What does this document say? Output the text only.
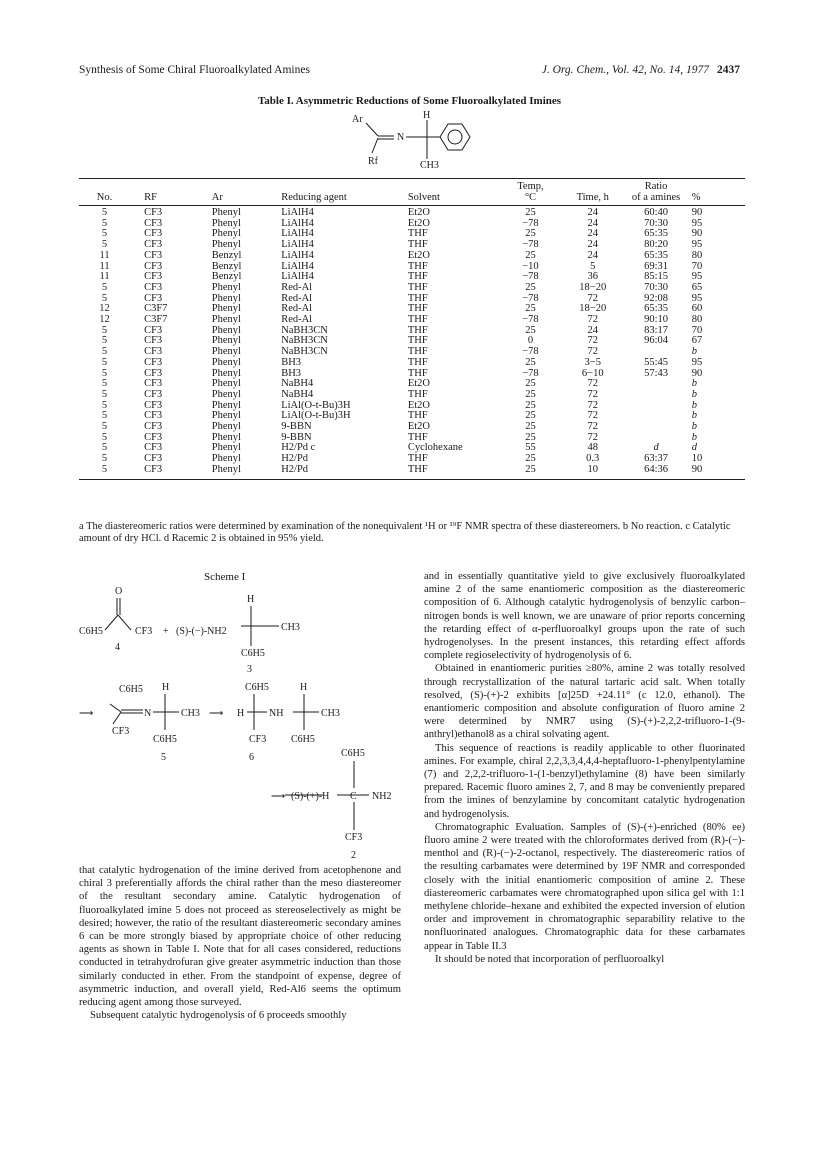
Synthesis of Some Chiral Fluoroalkylated Amines	J. Org. Chem., Vol. 42, No. 14, 1977 2437
Table I. Asymmetric Reductions of Some Fluoroalkylated Imines
Ar	H
N
Rf	CH3
					Temp,		Ratio	
No.	RF	Ar	Reducing agent	Solvent	°C	Time, h	of a amines	%
5	CF3	Phenyl	LiAlH4	Et2O	25	24	60:40	90
5	CF3	Phenyl	LiAlH4	Et2O	−78	24	70:30	95
5	CF3	Phenyl	LiAlH4	THF	25	24	65:35	90
5	CF3	Phenyl	LiAlH4	THF	−78	24	80:20	95
11	CF3	Benzyl	LiAlH4	Et2O	25	24	65:35	80
11	CF3	Benzyl	LiAlH4	THF	−10	5	69:31	70
11	CF3	Benzyl	LiAlH4	THF	−78	36	85:15	95
5	CF3	Phenyl	Red-Al	THF	25	18−20	70:30	65
5	CF3	Phenyl	Red-Al	THF	−78	72	92:08	95
12	C3F7	Phenyl	Red-Al	THF	25	18−20	65:35	60
12	C3F7	Phenyl	Red-Al	THF	−78	72	90:10	80
5	CF3	Phenyl	NaBH3CN	THF	25	24	83:17	70
5	CF3	Phenyl	NaBH3CN	THF	0	72	96:04	67
5	CF3	Phenyl	NaBH3CN	THF	−78	72		b
5	CF3	Phenyl	BH3	THF	25	3−5	55:45	95
5	CF3	Phenyl	BH3	THF	−78	6−10	57:43	90
5	CF3	Phenyl	NaBH4	Et2O	25	72		b
5	CF3	Phenyl	NaBH4	THF	25	72		b
5	CF3	Phenyl	LiAl(O-t-Bu)3H	Et2O	25	72		b
5	CF3	Phenyl	LiAl(O-t-Bu)3H	THF	25	72		b
5	CF3	Phenyl	9-BBN	Et2O	25	72		b
5	CF3	Phenyl	9-BBN	THF	25	72		b
5	CF3	Phenyl	H2/Pd c	Cyclohexane	55	48	d	d
5	CF3	Phenyl	H2/Pd	THF	25	0.3	63:37	10
5	CF3	Phenyl	H2/Pd	THF	25	10	64:36	90
a The diastereomeric ratios were determined by examination of the nonequivalent ¹H or ¹⁹F NMR spectra of these diastereomers. b No reaction. c Catalytic amount of dry HCl. d Racemic 2 is obtained in 95% yield.
Scheme I
O
C6H5	CF3
4
+ (S)-(−)-NH2
H
CH3
C6H5
3
⟶
C6H5
CF3
N
H
CH3
C6H5
5
⟶ H
C6H5
CF3
NH
H
CH3
C6H5
6
⟶ (S)-(+)-H
C6H5
C NH2
CF3
2

that catalytic hydrogenation of the imine derived from acetophenone and chiral 3 preferentially affords the chiral rather than the meso diastereomer of the resultant secondary amine. Catalytic hydrogenation of fluoroalkylated imine 5 does not proceed as stereoselectively as might be desired; however, the ratio of the resultant diastereomeric secondary amines 6 can be more strongly biased by appropriate choice of other reducing agents as shown in Table I. Note that for all cases considered, reductions conducted in tetrahydrofuran give greater asymmetric induction than those similarly conducted in ether. From the standpoint of expense, degree of asymmetric induction, and overall yield, Red-Al6 seems the optimum reducing agent among those surveyed.

Subsequent catalytic hydrogenolysis of 6 proceeds smoothly

and in essentially quantitative yield to give exclusively fluoroalkylated amine 2 of the same enantiomeric composition as the diastereomeric composition of 6. Although catalytic hydrogenolysis of benzylic carbon–nitrogen bonds is well known, we are unaware of prior reports concerning the retarding effect of α-perfluoroalkyl groups upon the rate of such hydrogenolyses. In the present instances, this retarding effect affords complete regioselectivity of hydrogenolysis of 6.

Obtained in enantiomeric purities ≥80%, amine 2 was totally resolved through recrystallization of the natural tartaric acid salt. When totally resolved, (S)-(+)-2 exhibits [α]25D +24.11° (c 12.0, ethanol). The enantiomeric composition and absolute configuration of fluoro amine 2 were determined by NMR7 using (S)-(+)-2,2,2-trifluoro-1-(9-anthryl)ethanol8 as a chiral solvating agent.

This sequence of reactions is readily applicable to other fluorinated amines. For example, chiral 2,2,3,3,4,4,4-heptafluoro-1-phenylpentylamine (7) and 2,2,2-trifluoro-1-(1-benzyl)ethylamine (8) have been similarly prepared. Racemic fluoro amines 2, 7, and 8 may be conveniently prepared from the imines of benzylamine by concomitant catalytic hydrogenation and hydrogenolysis.

Chromatographic Evaluation. Samples of (S)-(+)-enriched (80% ee) fluoro amine 2 were treated with the chloroformates derived from (R)-(−)-menthol and (R)-(−)-2-octanol, respectively. The diastereomeric ratios of the resulting carbamates were determined by 19F NMR and corresponded closely with the initial enantiomeric composition of amine 2. These diastereomeric carbamates were chromatographed upon silica gel with 1:1 methylene chloride–hexane and exhibited the expected inversion of elution order and improvement in chromatographic separability relative to the nonfluorinated analogues. Chromatographic data for these carbamates appear in Table II.3

It should be noted that incorporation of perfluoroalkyl
